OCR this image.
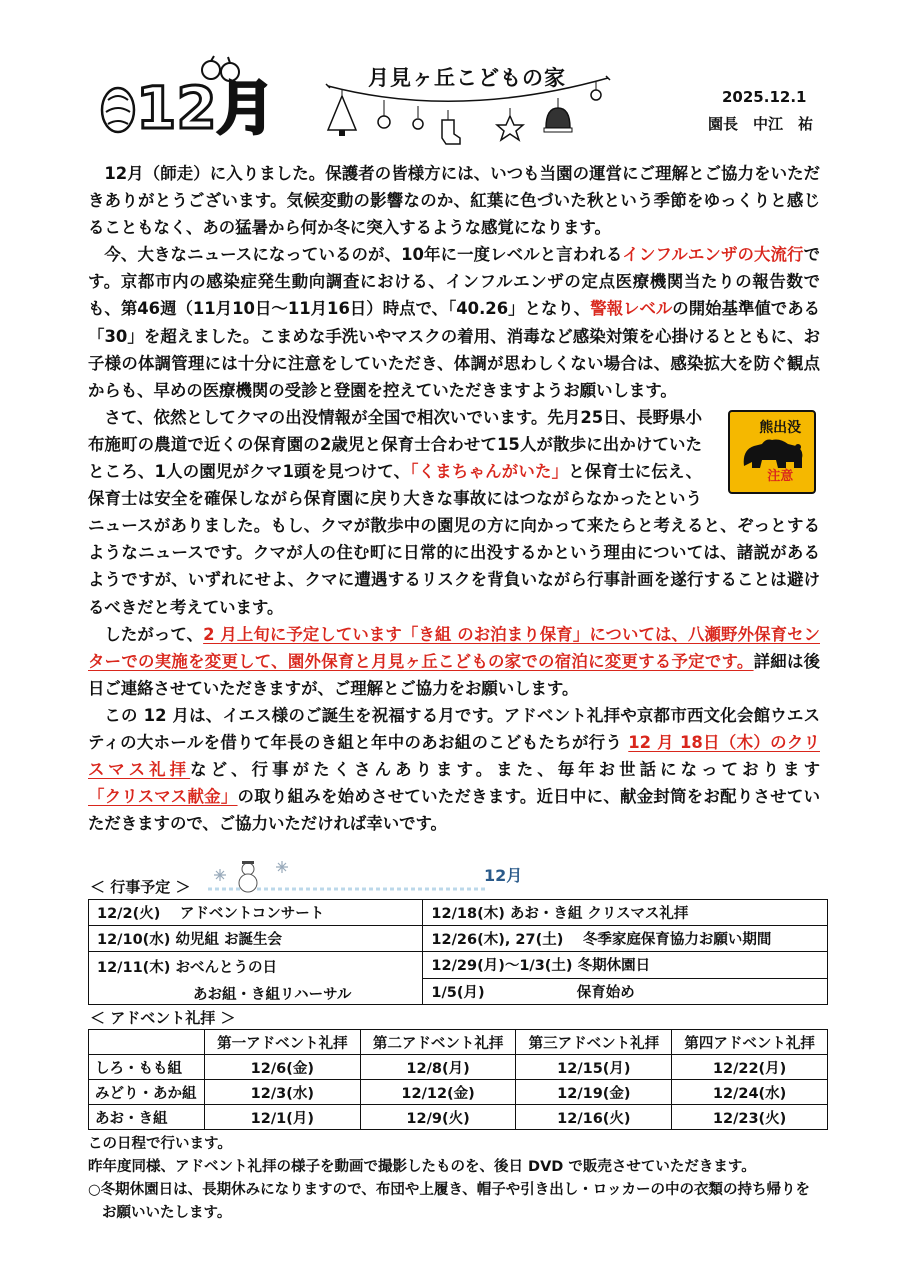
12月	月見ヶ丘こどもの家
2025.12.1
園長　中江　祐

12月（師走）に入りました。保護者の皆様方には、いつも当園の運営にご理解とご協力をいただきありがとうございます。気候変動の影響なのか、紅葉に色づいた秋という季節をゆっくりと感じることもなく、あの猛暑から何か冬に突入するような感覚になります。

今、大きなニュースになっているのが、10年に一度レベルと言われるインフルエンザの大流行です。京都市内の感染症発生動向調査における、インフルエンザの定点医療機関当たりの報告数でも、第46週（11月10日～11月16日）時点で、「40.26」となり、警報レベルの開始基準値である「30」を超えました。こまめな手洗いやマスクの着用、消毒など感染対策を心掛けるとともに、お子様の体調管理には十分に注意をしていただき、体調が思わしくない場合は、感染拡大を防ぐ観点からも、早めの医療機関の受診と登園を控えていただきますようお願いします。

熊出没
注意
さて、依然としてクマの出没情報が全国で相次いでいます。先月25日、長野県小布施町の農道で近くの保育園の2歳児と保育士合わせて15人が散歩に出かけていたところ、1人の園児がクマ1頭を見つけて、「くまちゃんがいた」と保育士に伝え、保育士は安全を確保しながら保育園に戻り大きな事故にはつながらなかったというニュースがありました。もし、クマが散歩中の園児の方に向かって来たらと考えると、ぞっとするようなニュースです。クマが人の住む町に日常的に出没するかという理由については、諸説があるようですが、いずれにせよ、クマに遭遇するリスクを背負いながら行事計画を遂行することは避けるべきだと考えています。

したがって、2 月上旬に予定しています「き組 のお泊まり保育」については、八瀬野外保育センターでの実施を変更して、園外保育と月見ヶ丘こどもの家での宿泊に変更する予定です。詳細は後日ご連絡させていただきますが、ご理解とご協力をお願いします。

この 12 月は、イエス様のご誕生を祝福する月です。アドベント礼拝や京都市西文化会館ウエスティの大ホールを借りて年長のき組と年中のあお組のこどもたちが行う 12 月 18日（木）のクリスマス礼拝など、行事がたくさんあります。また、毎年お世話になっております「クリスマス献金」の取り組みを始めさせていただきます。近日中に、献金封筒をお配りさせていただきますので、ご協力いただければ幸いです。

＜ 行事予定 ＞
12月
12/2(火)　 アドベントコンサート	12/18(木) あお・き組 クリスマス礼拝
12/10(水) 幼児組 お誕生会	12/26(木), 27(土)　 冬季家庭保育協力お願い期間

12/11(木) おべんとうの日
あお組・き組リハーサル	12/29(月)～1/3(土) 冬期休園日
	1/5(月)　　　　　　 保育始め
＜ アドベント礼拝 ＞
	第一アドベント礼拝	第二アドベント礼拝	第三アドベント礼拝	第四アドベント礼拝
しろ・もも組	12/6(金)	12/8(月)	12/15(月)	12/22(月)
みどり・あか組	12/3(水)	12/12(金)	12/19(金)	12/24(水)
あお・き組	12/1(月)	12/9(火)	12/16(火)	12/23(火)
この日程で行います。
昨年度同様、アドベント礼拝の様子を動画で撮影したものを、後日 DVD で販売させていただきます。
○冬期休園日は、長期休みになりますので、布団や上履き、帽子や引き出し・ロッカーの中の衣類の持ち帰りを
お願いいたします。
